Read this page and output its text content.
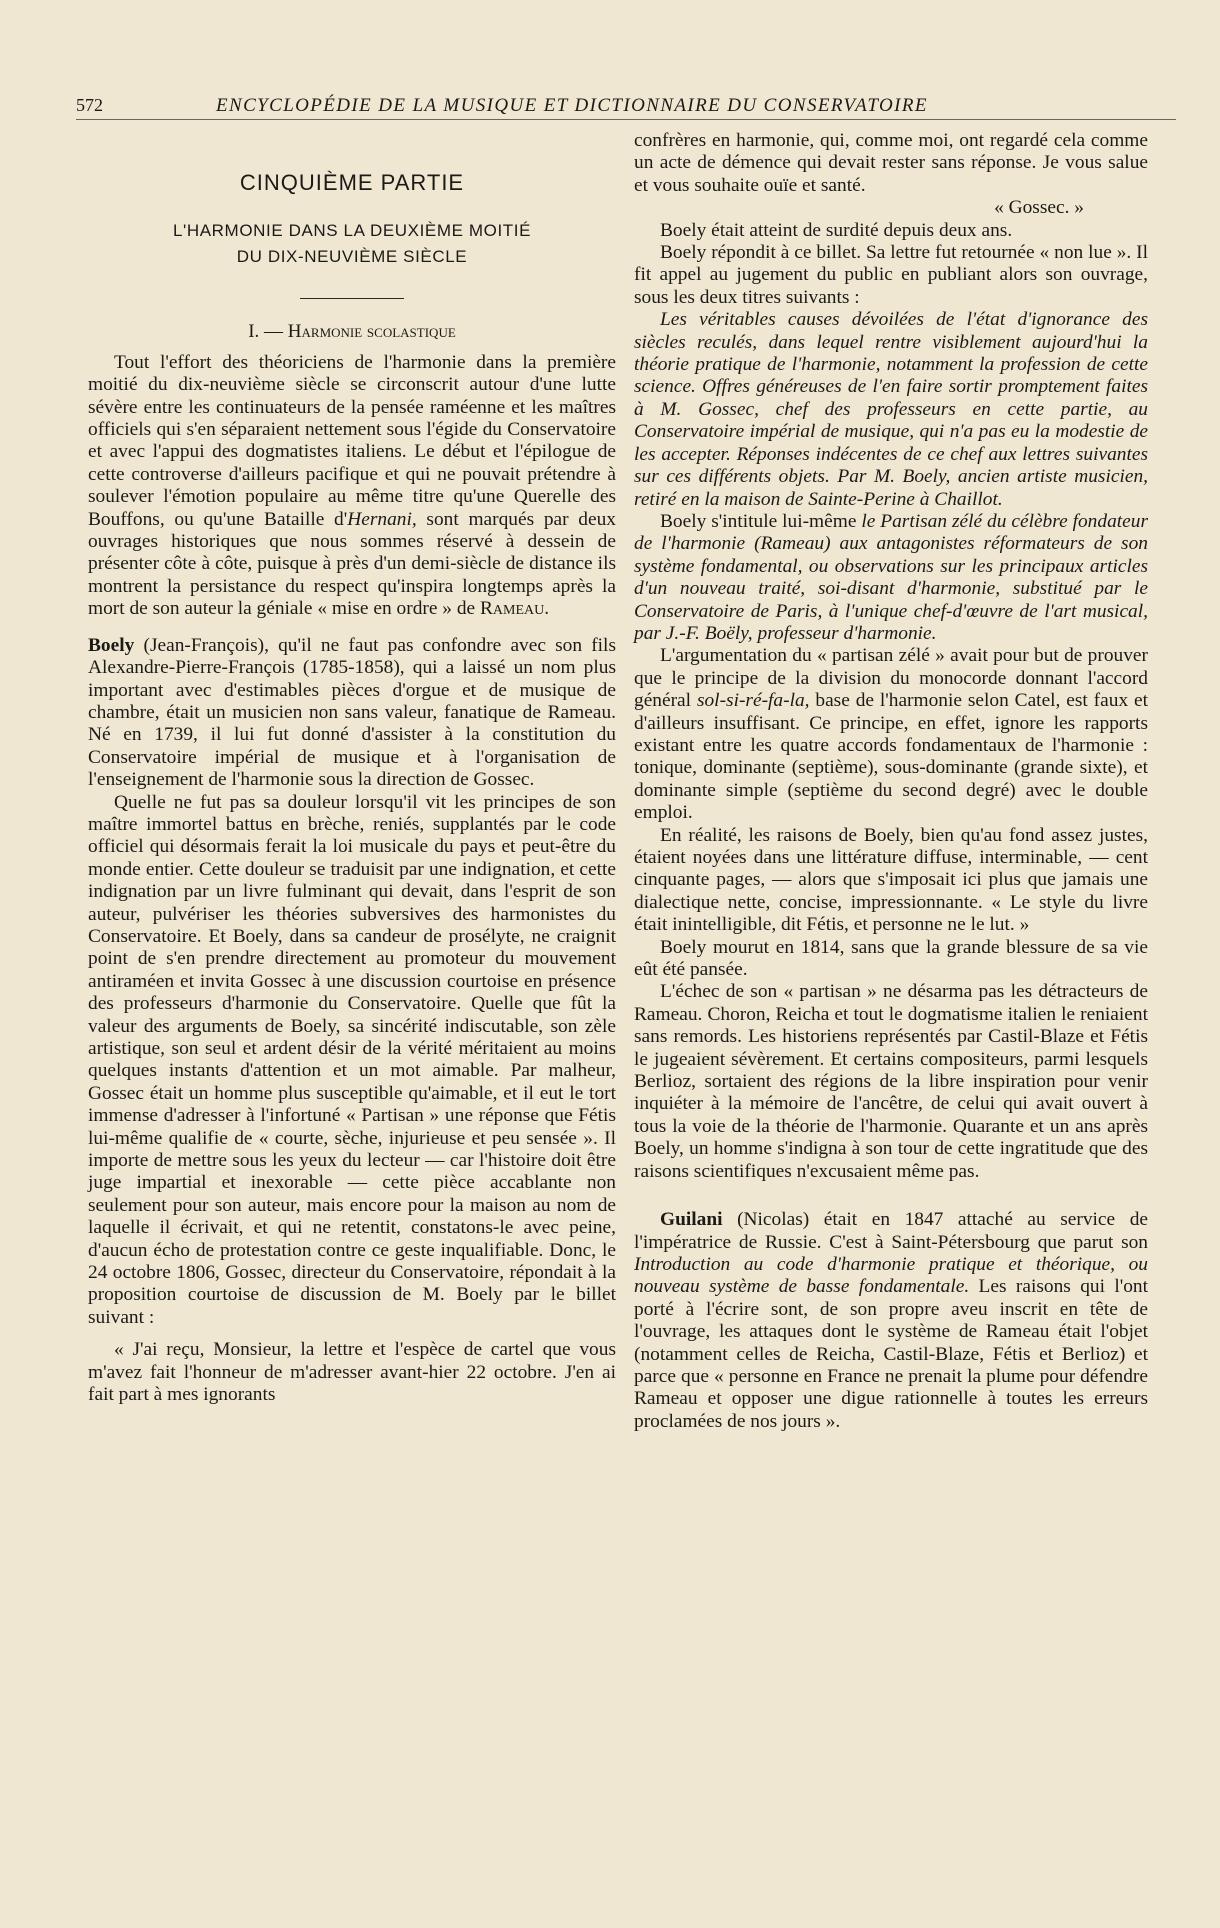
572	ENCYCLOPÉDIE DE LA MUSIQUE ET DICTIONNAIRE DU CONSERVATOIRE
CINQUIÈME PARTIE
L'HARMONIE DANS LA DEUXIÈME MOITIÉ
DU DIX-NEUVIÈME SIÈCLE
I. — Harmonie scolastique

Tout l'effort des théoriciens de l'harmonie dans la première moitié du dix-neuvième siècle se circonscrit autour d'une lutte sévère entre les continuateurs de la pensée raméenne et les maîtres officiels qui s'en séparaient nettement sous l'égide du Conservatoire et avec l'appui des dogmatistes italiens. Le début et l'épilogue de cette controverse d'ailleurs pacifique et qui ne pouvait prétendre à soulever l'émotion populaire au même titre qu'une Querelle des Bouffons, ou qu'une Bataille d'Hernani, sont marqués par deux ouvrages historiques que nous sommes réservé à dessein de présenter côte à côte, puisque à près d'un demi-siècle de distance ils montrent la persistance du respect qu'inspira longtemps après la mort de son auteur la géniale « mise en ordre » de Rameau.

Boely (Jean-François), qu'il ne faut pas confondre avec son fils Alexandre-Pierre-François (1785-1858), qui a laissé un nom plus important avec d'estimables pièces d'orgue et de musique de chambre, était un musicien non sans valeur, fanatique de Rameau. Né en 1739, il lui fut donné d'assister à la constitution du Conservatoire impérial de musique et à l'organisation de l'enseignement de l'harmonie sous la direction de Gossec.

Quelle ne fut pas sa douleur lorsqu'il vit les principes de son maître immortel battus en brèche, reniés, supplantés par le code officiel qui désormais ferait la loi musicale du pays et peut-être du monde entier. Cette douleur se traduisit par une indignation, et cette indignation par un livre fulminant qui devait, dans l'esprit de son auteur, pulvériser les théories subversives des harmonistes du Conservatoire. Et Boely, dans sa candeur de prosélyte, ne craignit point de s'en prendre directement au promoteur du mouvement antiraméen et invita Gossec à une discussion courtoise en présence des professeurs d'harmonie du Conservatoire. Quelle que fût la valeur des arguments de Boely, sa sincérité indiscutable, son zèle artistique, son seul et ardent désir de la vérité méritaient au moins quelques instants d'attention et un mot aimable. Par malheur, Gossec était un homme plus susceptible qu'aimable, et il eut le tort immense d'adresser à l'infortuné « Partisan » une réponse que Fétis lui-même qualifie de « courte, sèche, injurieuse et peu sensée ». Il importe de mettre sous les yeux du lecteur — car l'histoire doit être juge impartial et inexorable — cette pièce accablante non seulement pour son auteur, mais encore pour la maison au nom de laquelle il écrivait, et qui ne retentit, constatons-le avec peine, d'aucun écho de protestation contre ce geste inqualifiable. Donc, le 24 octobre 1806, Gossec, directeur du Conservatoire, répondait à la proposition courtoise de discussion de M. Boely par le billet suivant :

« J'ai reçu, Monsieur, la lettre et l'espèce de cartel que vous m'avez fait l'honneur de m'adresser avant-hier 22 octobre. J'en ai fait part à mes ignorants

confrères en harmonie, qui, comme moi, ont regardé cela comme un acte de démence qui devait rester sans réponse. Je vous salue et vous souhaite ouïe et santé.

« Gossec. »

Boely était atteint de surdité depuis deux ans.

Boely répondit à ce billet. Sa lettre fut retournée « non lue ». Il fit appel au jugement du public en publiant alors son ouvrage, sous les deux titres suivants :

Les véritables causes dévoilées de l'état d'ignorance des siècles reculés, dans lequel rentre visiblement aujourd'hui la théorie pratique de l'harmonie, notamment la profession de cette science. Offres généreuses de l'en faire sortir promptement faites à M. Gossec, chef des professeurs en cette partie, au Conservatoire impérial de musique, qui n'a pas eu la modestie de les accepter. Réponses indécentes de ce chef aux lettres suivantes sur ces différents objets. Par M. Boely, ancien artiste musicien, retiré en la maison de Sainte-Perine à Chaillot.

Boely s'intitule lui-même le Partisan zélé du célèbre fondateur de l'harmonie (Rameau) aux antagonistes réformateurs de son système fondamental, ou observations sur les principaux articles d'un nouveau traité, soi-disant d'harmonie, substitué par le Conservatoire de Paris, à l'unique chef-d'œuvre de l'art musical, par J.-F. Boëly, professeur d'harmonie.

L'argumentation du « partisan zélé » avait pour but de prouver que le principe de la division du monocorde donnant l'accord général sol-si-ré-fa-la, base de l'harmonie selon Catel, est faux et d'ailleurs insuffisant. Ce principe, en effet, ignore les rapports existant entre les quatre accords fondamentaux de l'harmonie : tonique, dominante (septième), sous-dominante (grande sixte), et dominante simple (septième du second degré) avec le double emploi.

En réalité, les raisons de Boely, bien qu'au fond assez justes, étaient noyées dans une littérature diffuse, interminable, — cent cinquante pages, — alors que s'imposait ici plus que jamais une dialectique nette, concise, impressionnante. « Le style du livre était inintelligible, dit Fétis, et personne ne le lut. »

Boely mourut en 1814, sans que la grande blessure de sa vie eût été pansée.

L'échec de son « partisan » ne désarma pas les détracteurs de Rameau. Choron, Reicha et tout le dogmatisme italien le reniaient sans remords. Les historiens représentés par Castil-Blaze et Fétis le jugeaient sévèrement. Et certains compositeurs, parmi lesquels Berlioz, sortaient des régions de la libre inspiration pour venir inquiéter à la mémoire de l'ancêtre, de celui qui avait ouvert à tous la voie de la théorie de l'harmonie. Quarante et un ans après Boely, un homme s'indigna à son tour de cette ingratitude que des raisons scientifiques n'excusaient même pas.

Guilani (Nicolas) était en 1847 attaché au service de l'impératrice de Russie. C'est à Saint-Pétersbourg que parut son Introduction au code d'harmonie pratique et théorique, ou nouveau système de basse fondamentale. Les raisons qui l'ont porté à l'écrire sont, de son propre aveu inscrit en tête de l'ouvrage, les attaques dont le système de Rameau était l'objet (notamment celles de Reicha, Castil-Blaze, Fétis et Berlioz) et parce que « personne en France ne prenait la plume pour défendre Rameau et opposer une digue rationnelle à toutes les erreurs proclamées de nos jours ».
